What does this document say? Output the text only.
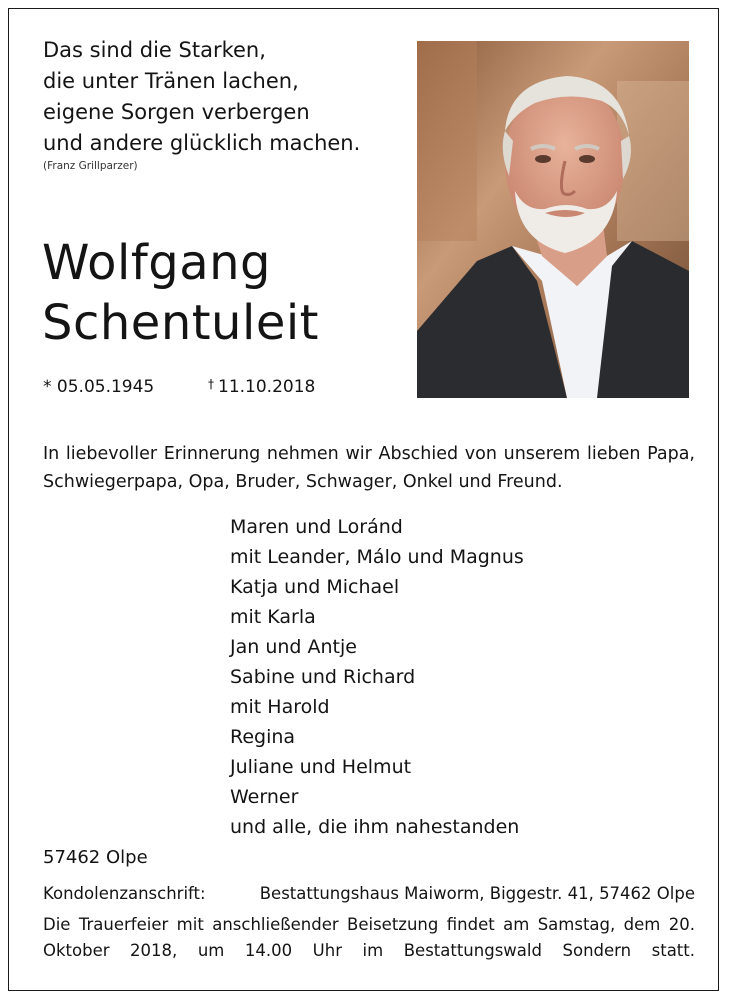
Das sind die Starken,
die unter Tränen lachen,
eigene Sorgen verbergen
und andere glücklich machen.
(Franz Grillparzer)
Wolfgang
Schentuleit
* 05.05.1945	† 11.10.2018
In liebevoller Erinnerung nehmen wir Abschied von unserem lieben Papa, Schwiegerpapa, Opa, Bruder, Schwager, Onkel und Freund.
Maren und Loránd
mit Leander, Málo und Magnus
Katja und Michael
mit Karla
Jan und Antje
Sabine und Richard
mit Harold
Regina
Juliane und Helmut
Werner
und alle, die ihm nahestanden
57462 Olpe
Kondolenzanschrift:	Bestattungshaus Maiworm, Biggestr. 41, 57462 Olpe
Die Trauerfeier mit anschließender Beisetzung findet am Samstag, dem 20. Oktober 2018, um 14.00 Uhr im Bestattungswald Sondern statt.
